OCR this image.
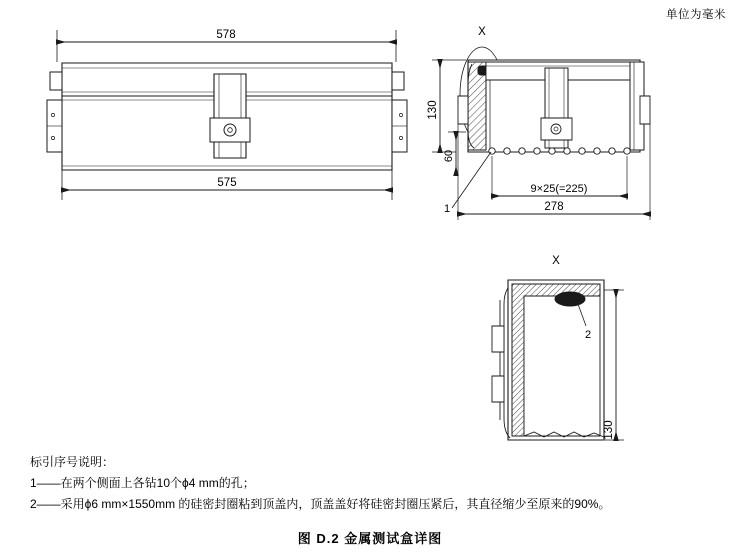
单位为毫米
578
575
X
1
130
60
9×25(=225)
278
X
2
130
标引序号说明：
1——在两个侧面上各钻10个ϕ4 mm的孔；
2——采用ϕ6 mm×1550mm 的硅密封圈粘到顶盖内，顶盖盖好将硅密封圈压紧后，其直径缩少至原来的90%。
图 D.2 金属测试盒详图
